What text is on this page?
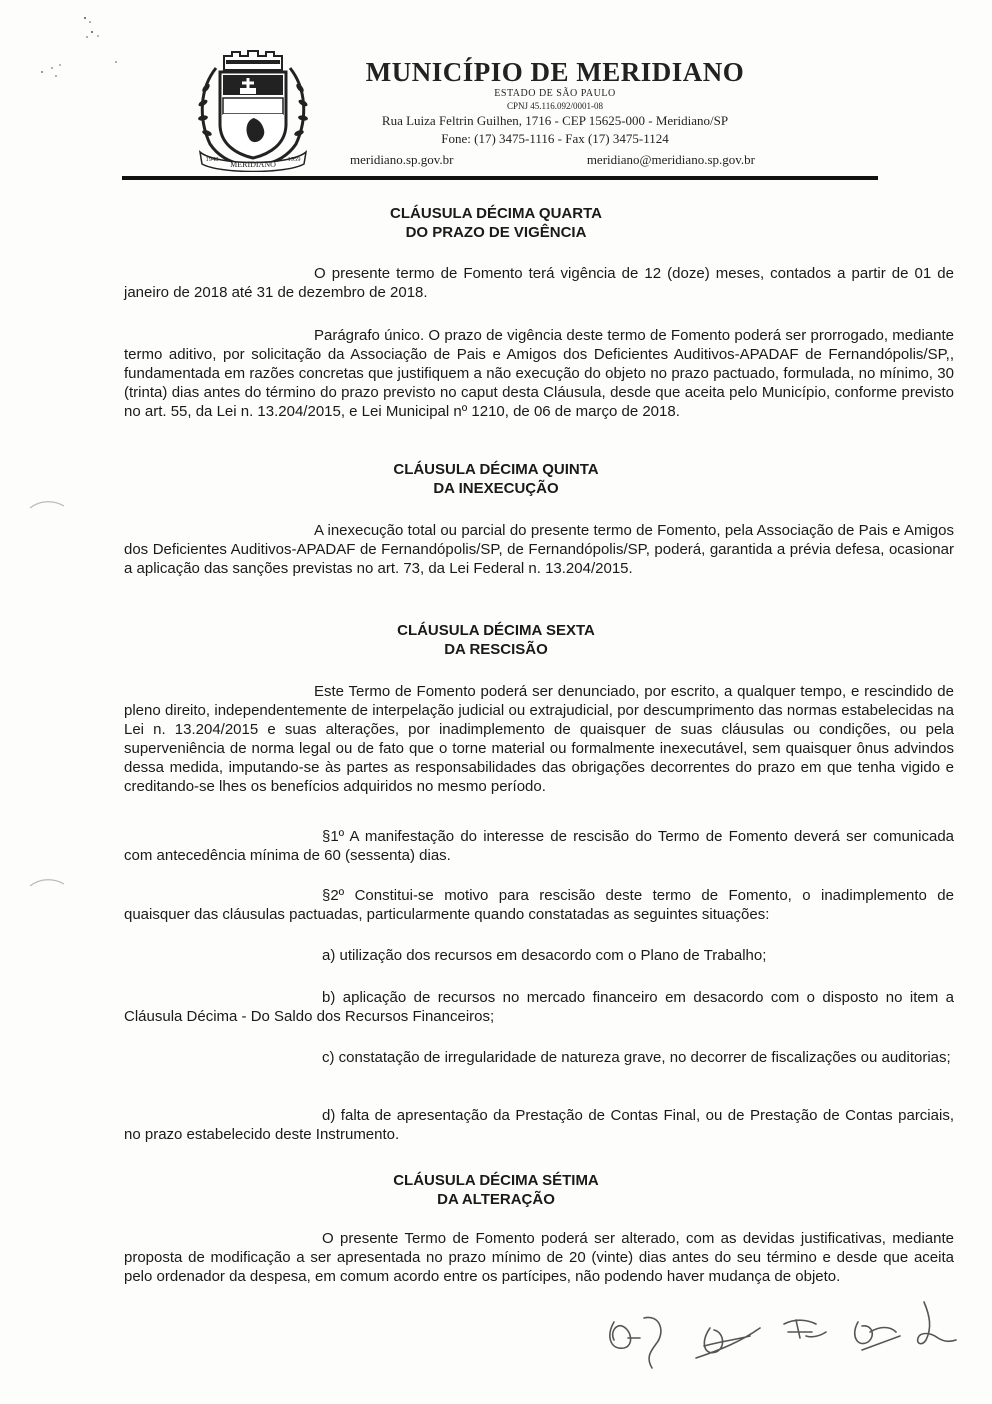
MERIDIANO
1948	1959
MUNICÍPIO DE MERIDIANO
ESTADO DE SÃO PAULO
CPNJ 45.116.092/0001-08
Rua Luiza Feltrin Guilhen, 1716 - CEP 15625-000 - Meridiano/SP
Fone: (17) 3475-1116 - Fax (17) 3475-1124
meridiano.sp.gov.br	meridiano@meridiano.sp.gov.br
CLÁUSULA DÉCIMA QUARTA
DO PRAZO DE VIGÊNCIA

O presente termo de Fomento terá vigência de 12 (doze) meses, contados a partir de 01 de janeiro de 2018 até 31 de dezembro de 2018.

Parágrafo único. O prazo de vigência deste termo de Fomento poderá ser prorrogado, mediante termo aditivo, por solicitação da Associação de Pais e Amigos dos Deficientes Auditivos-APADAF de Fernandópolis/SP,, fundamentada em razões concretas que justifiquem a não execução do objeto no prazo pactuado, formulada, no mínimo, 30 (trinta) dias antes do término do prazo previsto no caput desta Cláusula, desde que aceita pelo Município, conforme previsto no art. 55, da Lei n. 13.204/2015, e Lei Municipal nº 1210, de 06 de março de 2018.

CLÁUSULA DÉCIMA QUINTA
DA INEXECUÇÃO

A inexecução total ou parcial do presente termo de Fomento, pela Associação de Pais e Amigos dos Deficientes Auditivos-APADAF de Fernandópolis/SP, de Fernandópolis/SP, poderá, garantida a prévia defesa, ocasionar a aplicação das sanções previstas no art. 73, da Lei Federal n. 13.204/2015.

CLÁUSULA DÉCIMA SEXTA
DA RESCISÃO

Este Termo de Fomento poderá ser denunciado, por escrito, a qualquer tempo, e rescindido de pleno direito, independentemente de interpelação judicial ou extrajudicial, por descumprimento das normas estabelecidas na Lei n. 13.204/2015 e suas alterações, por inadimplemento de quaisquer de suas cláusulas ou condições, ou pela superveniência de norma legal ou de fato que o torne material ou formalmente inexecutável, sem quaisquer ônus advindos dessa medida, imputando-se às partes as responsabilidades das obrigações decorrentes do prazo em que tenha vigido e creditando-se lhes os benefícios adquiridos no mesmo período.

§1º A manifestação do interesse de rescisão do Termo de Fomento deverá ser comunicada com antecedência mínima de 60 (sessenta) dias.

§2º Constitui-se motivo para rescisão deste termo de Fomento, o inadimplemento de quaisquer das cláusulas pactuadas, particularmente quando constatadas as seguintes situações:

a) utilização dos recursos em desacordo com o Plano de Trabalho;

b) aplicação de recursos no mercado financeiro em desacordo com o disposto no item a Cláusula Décima - Do Saldo dos Recursos Financeiros;

c) constatação de irregularidade de natureza grave, no decorrer de fiscalizações ou auditorias;

d) falta de apresentação da Prestação de Contas Final, ou de Prestação de Contas parciais, no prazo estabelecido deste Instrumento.

CLÁUSULA DÉCIMA SÉTIMA
DA ALTERAÇÃO

O presente Termo de Fomento poderá ser alterado, com as devidas justificativas, mediante proposta de modificação a ser apresentada no prazo mínimo de 20 (vinte) dias antes do seu término e desde que aceita pelo ordenador da despesa, em comum acordo entre os partícipes, não podendo haver mudança de objeto.
